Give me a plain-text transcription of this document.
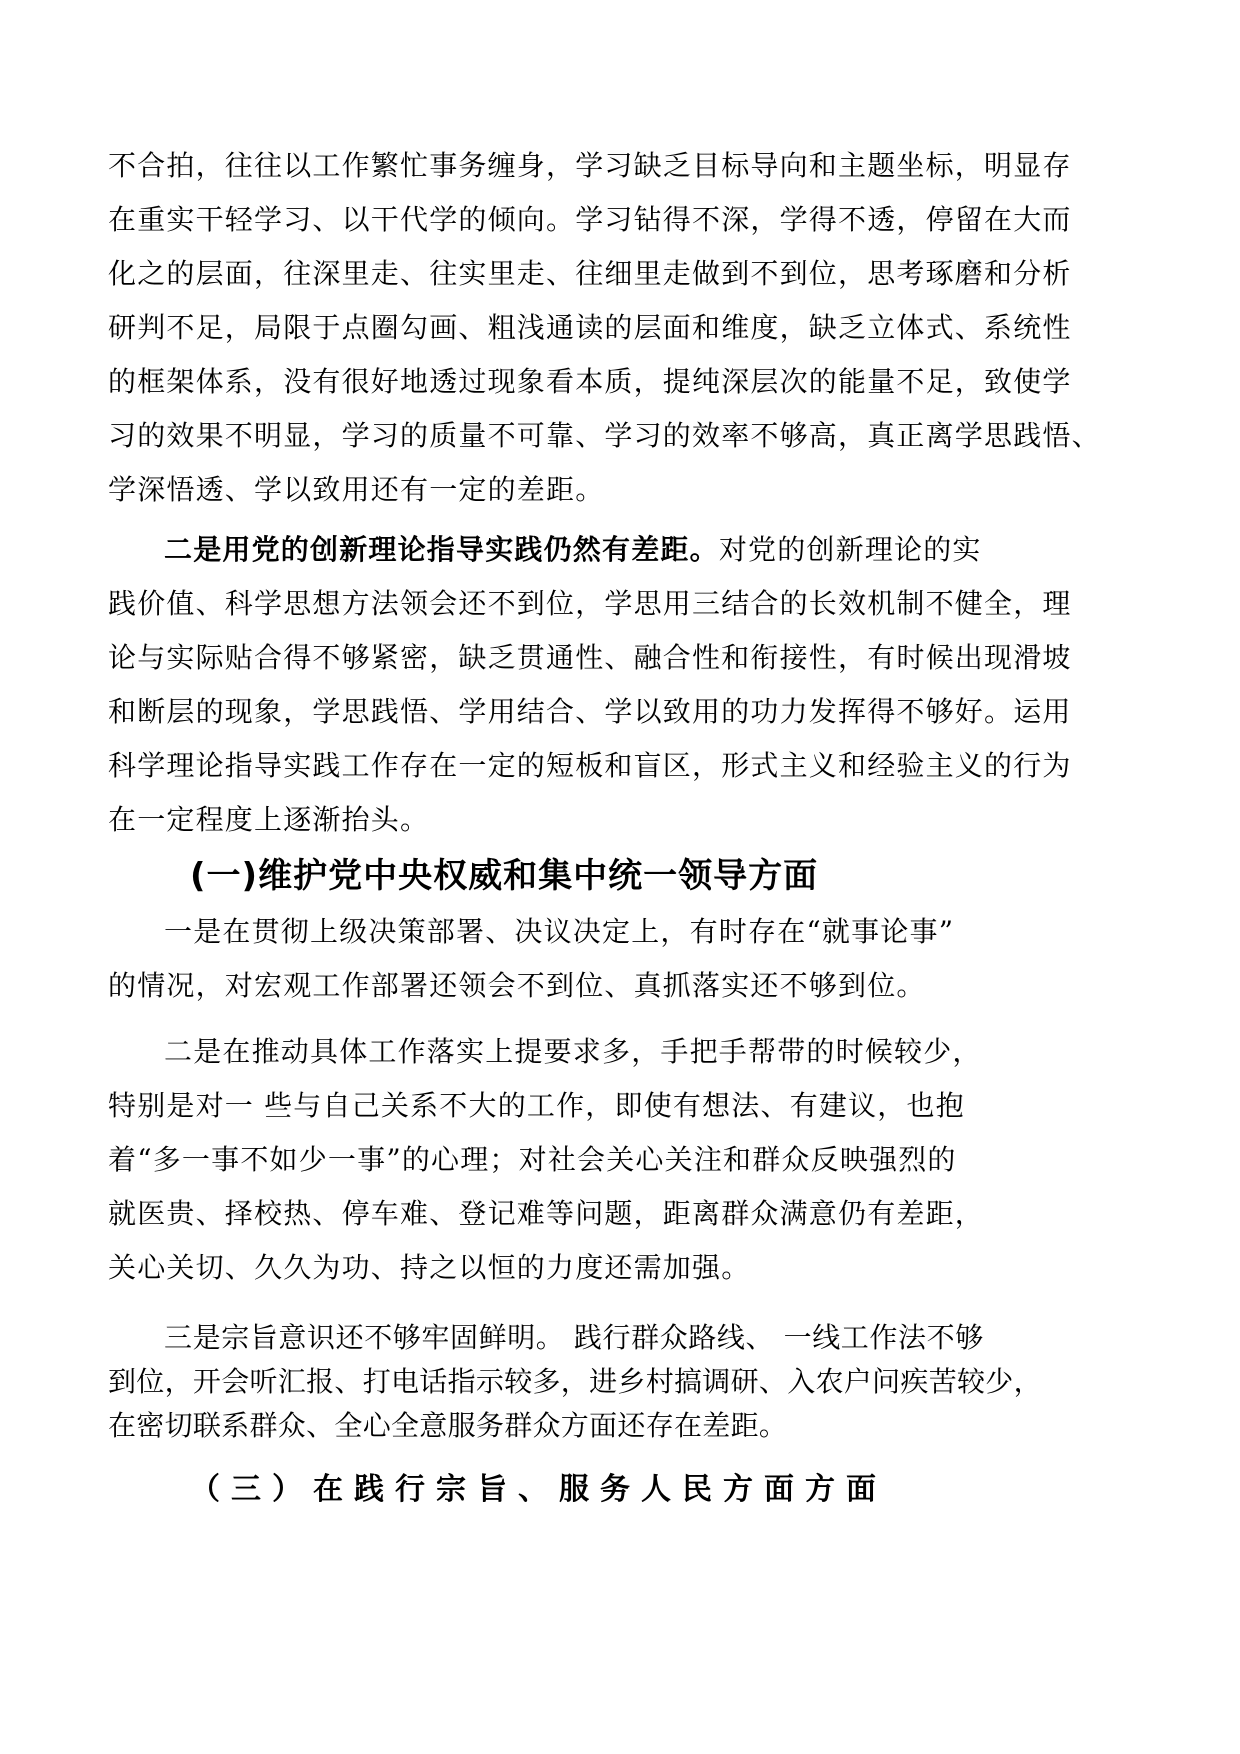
不合拍，往往以工作繁忙事务缠身，学习缺乏目标导向和主题坐标，明显存
在重实干轻学习、以干代学的倾向。学习钻得不深，学得不透，停留在大而
化之的层面，往深里走、往实里走、往细里走做到不到位，思考琢磨和分析
研判不足，局限于点圈勾画、粗浅通读的层面和维度，缺乏立体式、系统性
的框架体系，没有很好地透过现象看本质，提纯深层次的能量不足，致使学
习的效果不明显，学习的质量不可靠、学习的效率不够高，真正离学思践悟、
学深悟透、学以致用还有一定的差距。
二是用党的创新理论指导实践仍然有差距。对党的创新理论的实
践价值、科学思想方法领会还不到位，学思用三结合的长效机制不健全，理
论与实际贴合得不够紧密，缺乏贯通性、融合性和衔接性，有时候出现滑坡
和断层的现象，学思践悟、学用结合、学以致用的功力发挥得不够好。运用
科学理论指导实践工作存在一定的短板和盲区，形式主义和经验主义的行为
(一)维护党中央权威和集中统一领导方面
一是在贯彻上级决策部署、决议决定上，有时存在“就事论事”
的情况，对宏观工作部署还领会不到位、真抓落实还不够到位。
二是在推动具体工作落实上提要求多，手把手帮带的时候较少，
特别是对一 些与自己关系不大的工作，即使有想法、有建议，也抱
着“多一事不如少一事”的心理；对社会关心关注和群众反映强烈的
就医贵、择校热、停车难、登记难等问题，距离群众满意仍有差距，
关心关切、久久为功、持之以恒的力度还需加强。
三是宗旨意识还不够牢固鲜明。 践行群众路线、 一线工作法不够
到位，开会听汇报、打电话指示较多，进乡村搞调研、入农户问疾苦较少，
（三）在践行宗旨、服务人民方面方面
在密切联系群众、全心全意服务群众方面还存在差距。
在一定程度上逐渐抬头。
